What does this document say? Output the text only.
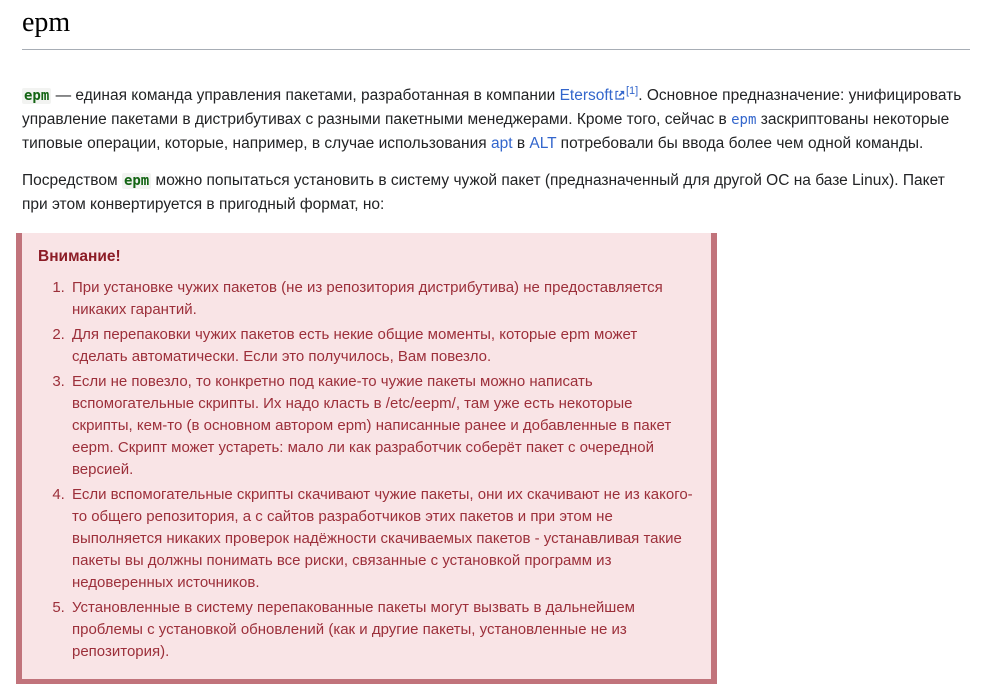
epm

epm — единая команда управления пакетами, разработанная в компании Etersoft [1]. Основное предназначение: унифицировать управление пакетами в дистрибутивах с разными пакетными менеджерами. Кроме того, сейчас в epm заскриптованы некоторые типовые операции, которые, например, в случае использования apt в ALT потребовали бы ввода более чем одной команды.

Посредством epm можно попытаться установить в систему чужой пакет (предназначенный для другой ОС на базе Linux). Пакет при этом конвертируется в пригодный формат, но:

Внимание!
1. При установке чужих пакетов (не из репозитория дистрибутива) не предоставляется никаких гарантий.
2. Для перепаковки чужих пакетов есть некие общие моменты, которые epm может сделать автоматически. Если это получилось, Вам повезло.
3. Если не повезло, то конкретно под какие-то чужие пакеты можно написать вспомогательные скрипты. Их надо класть в /etc/eepm/, там уже есть некоторые скрипты, кем-то (в основном автором epm) написанные ранее и добавленные в пакет eepm. Скрипт может устареть: мало ли как разработчик соберёт пакет с очередной версией.
4. Если вспомогательные скрипты скачивают чужие пакеты, они их скачивают не из какого-то общего репозитория, а с сайтов разработчиков этих пакетов и при этом не выполняется никаких проверок надёжности скачиваемых пакетов - устанавливая такие пакеты вы должны понимать все риски, связанные с установкой программ из недоверенных источников.
5. Установленные в систему перепакованные пакеты могут вызвать в дальнейшем проблемы с установкой обновлений (как и другие пакеты, установленные не из репозитория).
